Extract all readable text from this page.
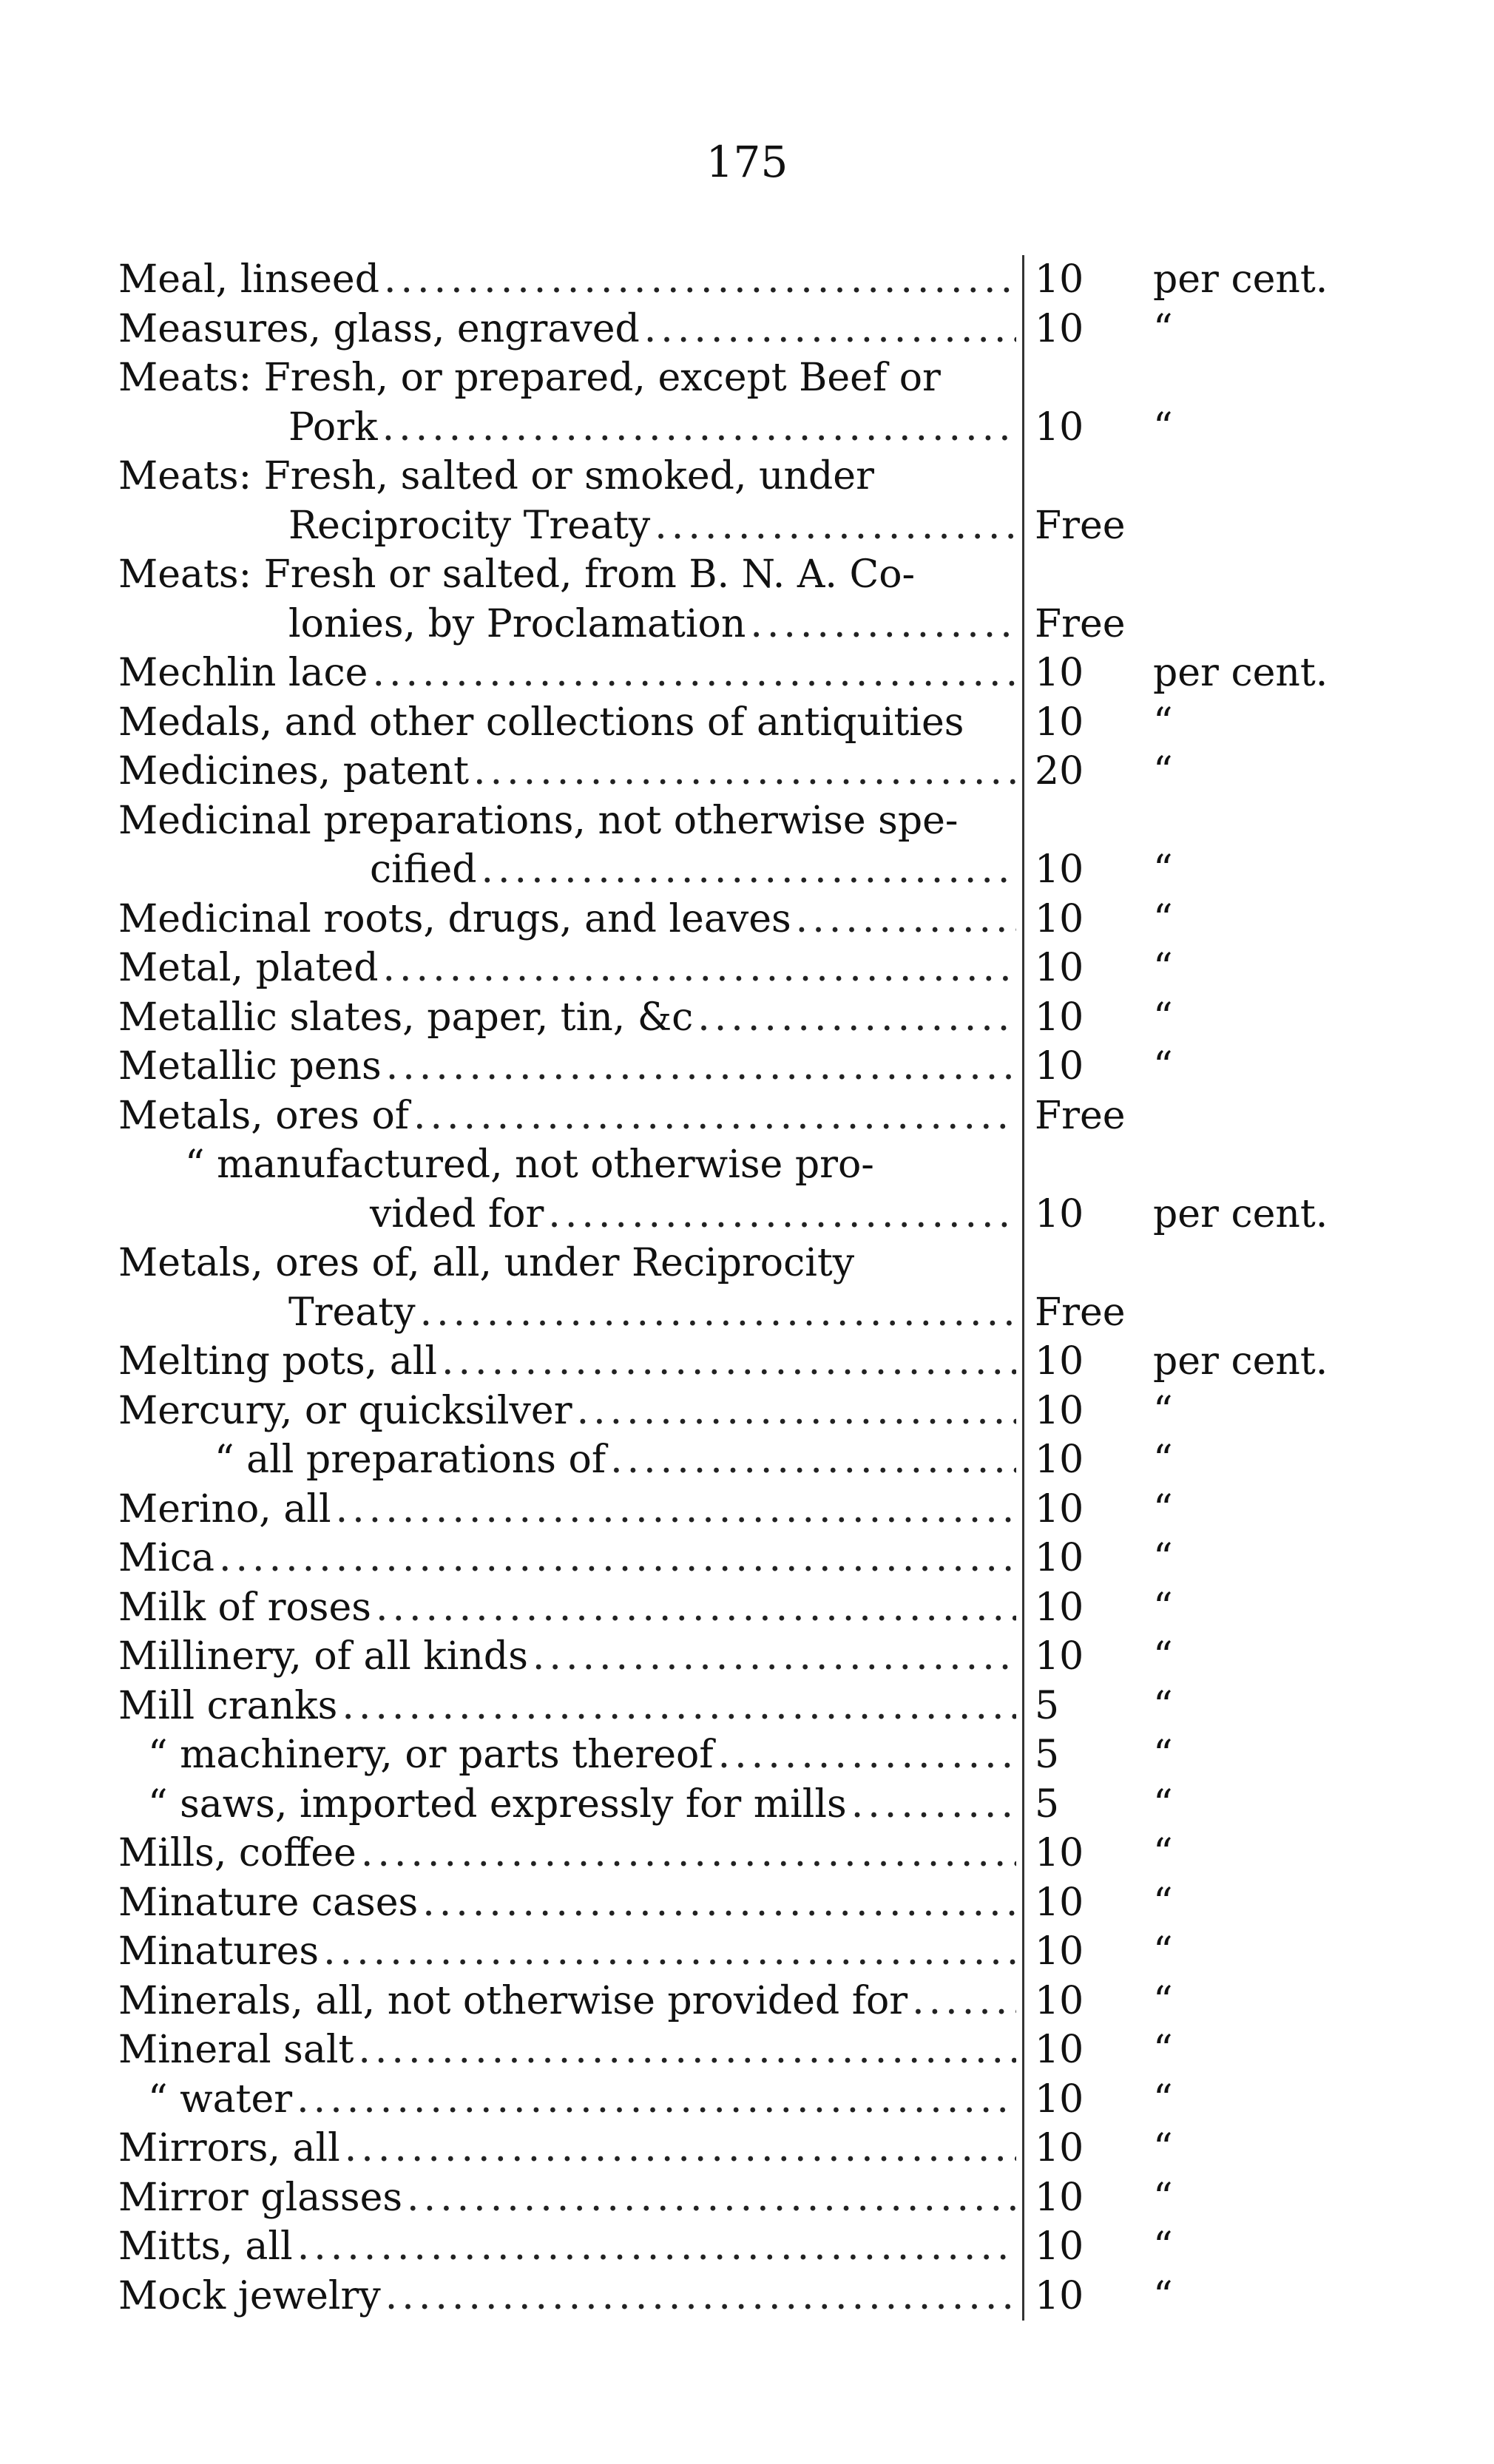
175
Meal, linseed .....	10	per cent.
Measures, glass, engraved .....	10	“
Meats: Fresh, or prepared, except Beef or
Pork .....	10	“
Meats: Fresh, salted or smoked, under
Reciprocity Treaty .....	Free
Meats: Fresh or salted, from B. N. A. Co-
lonies, by Proclamation .....	Free
Mechlin lace .....	10	per cent.
Medals, and other collections of antiquities 10	“
Medicines, patent .....	20	“
Medicinal preparations, not otherwise spe-
cified .....	10	“
Medicinal roots, drugs, and leaves .....	10	“
Metal, plated .....	10	“
Metallic slates, paper, tin, &c .....	10	“
Metallic pens .....	10	“
Metals, ores of .....	Free
“ manufactured, not otherwise pro-
vided for .....	10	per cent.
Metals, ores of, all, under Reciprocity
Treaty .....	Free
Melting pots, all .....	10	per cent.
Mercury, or quicksilver .....	10	“
“ all preparations of .....	10	“
Merino, all .....	10	“
Mica .....	10	“
Milk of roses .....	10	“
Millinery, of all kinds .....	10	“
Mill cranks .....	5	“
“ machinery, or parts thereof .....	5	“
“ saws, imported expressly for mills .....	5	“
Mills, coffee .....	10	“
Minature cases .....	10	“
Minatures .....	10	“
Minerals, all, not otherwise provided for .....	10	“
Mineral salt .....	10	“
“ water .....	10	“
Mirrors, all .....	10	“
Mirror glasses .....	10	“
Mitts, all .....	10	“
Mock jewelry .....	10	“
